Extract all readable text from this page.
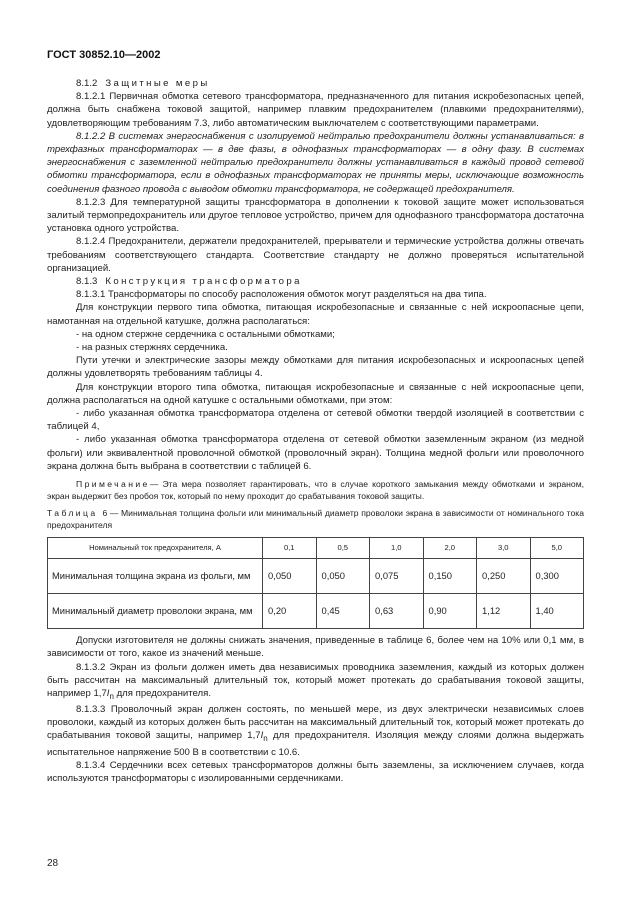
ГОСТ 30852.10—2002

8.1.2 Защитные меры

8.1.2.1 Первичная обмотка сетевого трансформатора, предназначенного для питания искробезопасных цепей, должна быть снабжена токовой защитой, например плавким предохранителем (плавкими предохранителями), удовлетворяющим требованиям 7.3, либо автоматическим выключателем с соответствующими параметрами.

8.1.2.2 В системах энергоснабжения с изолируемой нейтралью предохранители должны устанавливаться: в трехфазных трансформаторах — в две фазы, в однофазных трансформаторах — в одну фазу. В системах энергоснабжения с заземленной нейтралью предохранители должны устанавливаться в каждый провод сетевой обмотки трансформатора, если в однофазных трансформаторах не приняты меры, исключающие возможность соединения фазного провода с выводом обмотки трансформатора, не содержащей предохранителя.

8.1.2.3 Для температурной защиты трансформатора в дополнении к токовой защите может использоваться залитый термопредохранитель или другое тепловое устройство, причем для однофазного трансформатора достаточна установка одного устройства.

8.1.2.4 Предохранители, держатели предохранителей, прерыватели и термические устройства должны отвечать требованиям соответствующего стандарта. Соответствие стандарту не должно проверяться испытательной организацией.

8.1.3 Конструкция трансформатора

8.1.3.1 Трансформаторы по способу расположения обмоток могут разделяться на два типа.

Для конструкции первого типа обмотка, питающая искробезопасные и связанные с ней искроопасные цепи, намотанная на отдельной катушке, должна располагаться:

- на одном стержне сердечника с остальными обмотками;

- на разных стержнях сердечника.

Пути утечки и электрические зазоры между обмотками для питания искробезопасных и искроопасных цепей должны удовлетворять требованиям таблицы 4.

Для конструкции второго типа обмотка, питающая искробезопасные и связанные с ней искроопасные цепи, должна располагаться на одной катушке с остальными обмотками, при этом:

- либо указанная обмотка трансформатора отделена от сетевой обмотки твердой изоляцией в соответствии с таблицей 4,

- либо указанная обмотка трансформатора отделена от сетевой обмотки заземленным экраном (из медной фольги) или эквивалентной проволочной обмоткой (проволочный экран). Толщина медной фольги или проволочного экрана должна быть выбрана в соответствии с таблицей 6.

Примечание— Эта мера позволяет гарантировать, что в случае короткого замыкания между обмотками и экраном, экран выдержит без пробоя ток, который по нему проходит до срабатывания токовой защиты.

Таблица 6— Минимальная толщина фольги или минимальный диаметр проволоки экрана в зависимости от номинального тока предохранителя

Номинальный ток предохранителя, А	0,1	0,5	1,0	2,0	3,0	5,0
Минимальная толщина экрана из фольги, мм	0,050	0,050	0,075	0,150	0,250	0,300
Минимальный диаметр проволоки экрана, мм	0,20	0,45	0,63	0,90	1,12	1,40

Допуски изготовителя не должны снижать значения, приведенные в таблице 6, более чем на 10% или 0,1 мм, в зависимости от того, какое из значений меньше.

8.1.3.2 Экран из фольги должен иметь два независимых проводника заземления, каждый из которых должен быть рассчитан на максимальный длительный ток, который может протекать до срабатывания токовой защиты, например $1,7I_n$ для предохранителя.

8.1.3.3 Проволочный экран должен состоять, по меньшей мере, из двух электрически независимых слоев проволоки, каждый из которых должен быть рассчитан на максимальный длительный ток, который может протекать до срабатывания токовой защиты, например $1,7I_n$ для предохранителя. Изоляция между слоями должна выдержать испытательное напряжение 500 В в соответствии с 10.6.

8.1.3.4 Сердечники всех сетевых трансформаторов должны быть заземлены, за исключением случаев, когда используются трансформаторы с изолированными сердечниками.

28
